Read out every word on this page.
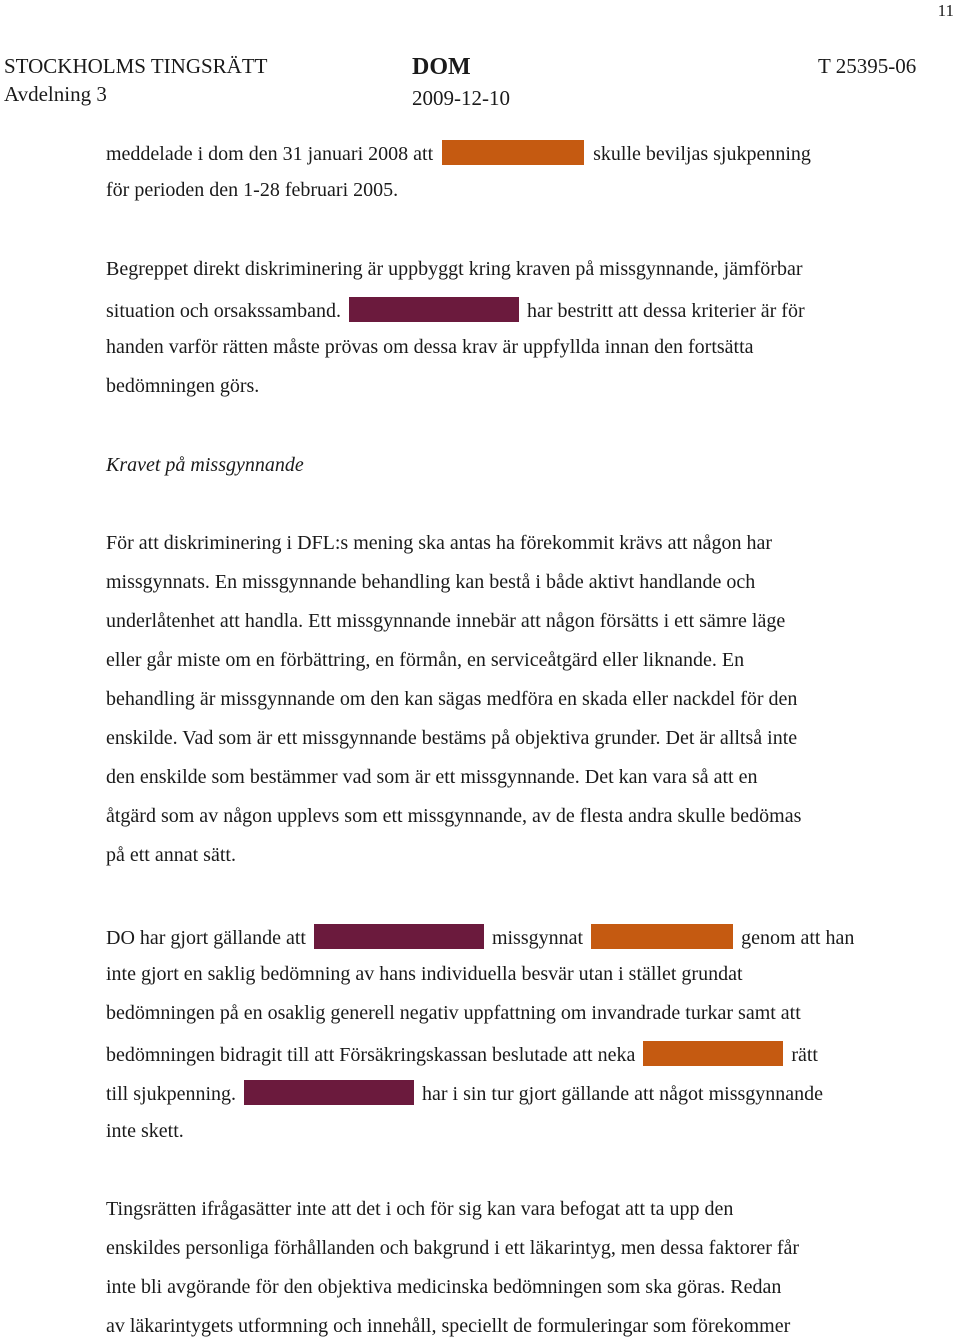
11
STOCKHOLMS TINGSRÄTT
Avdelning 3
DOM
2009-12-10
T 25395-06
meddelade i dom den 31 januari 2008 att	skulle beviljas sjukpenning
för perioden den 1-28 februari 2005.
Begreppet direkt diskriminering är uppbyggt kring kraven på missgynnande, jämförbar
situation och orsakssamband.	har bestritt att dessa kriterier är för
handen varför rätten måste prövas om dessa krav är uppfyllda innan den fortsätta
bedömningen görs.
Kravet på missgynnande
För att diskriminering i DFL:s mening ska antas ha förekommit krävs att någon har
missgynnats. En missgynnande behandling kan bestå i både aktivt handlande och
underlåtenhet att handla. Ett missgynnande innebär att någon försätts i ett sämre läge
eller går miste om en förbättring, en förmån, en serviceåtgärd eller liknande. En
behandling är missgynnande om den kan sägas medföra en skada eller nackdel för den
enskilde. Vad som är ett missgynnande bestäms på objektiva grunder. Det är alltså inte
den enskilde som bestämmer vad som är ett missgynnande. Det kan vara så att en
åtgärd som av någon upplevs som ett missgynnande, av de flesta andra skulle bedömas
på ett annat sätt.
DO har gjort gällande att	missgynnat	genom att han
inte gjort en saklig bedömning av hans individuella besvär utan i stället grundat
bedömningen på en osaklig generell negativ uppfattning om invandrade turkar samt att
bedömningen bidragit till att Försäkringskassan beslutade att neka	rätt
till sjukpenning.	har i sin tur gjort gällande att något missgynnande
inte skett.
Tingsrätten ifrågasätter inte att det i och för sig kan vara befogat att ta upp den
enskildes personliga förhållanden och bakgrund i ett läkarintyg, men dessa faktorer får
inte bli avgörande för den objektiva medicinska bedömningen som ska göras. Redan
av läkarintygets utformning och innehåll, speciellt de formuleringar som förekommer
